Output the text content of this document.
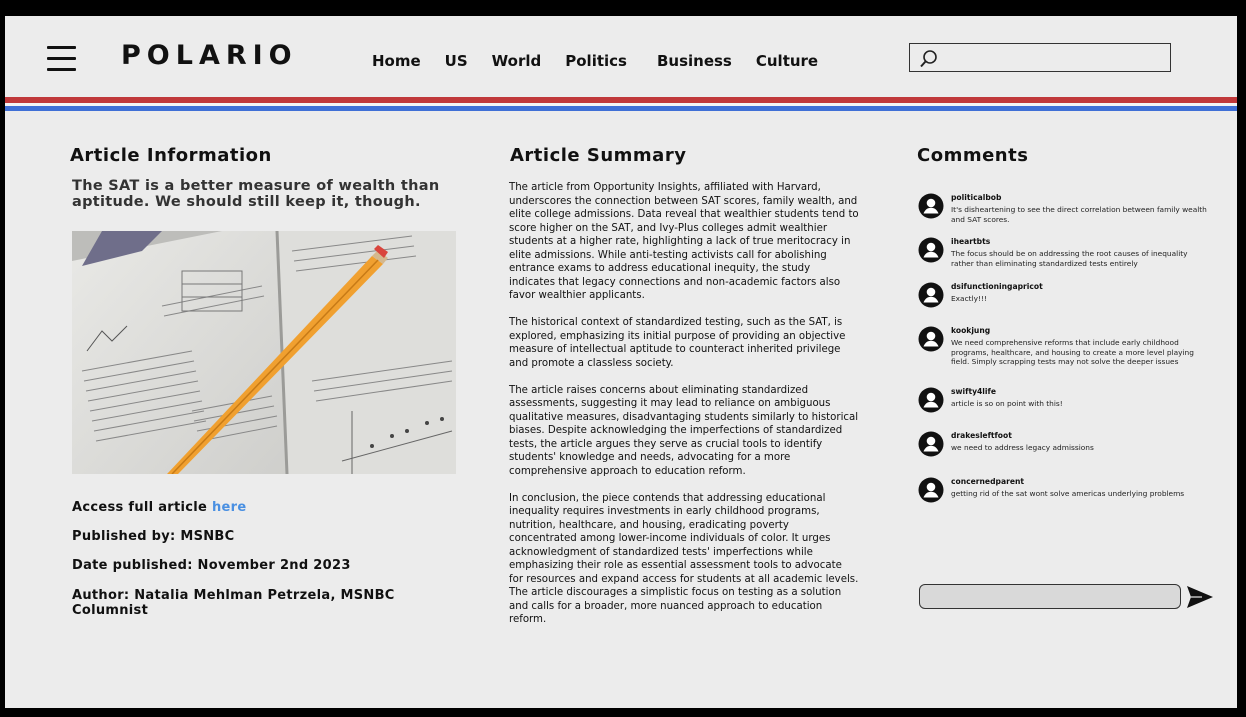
POLARIO	Home US World Politics Business Culture
Article Information
The SAT is a better measure of wealth than aptitude. We should still keep it, though.
Access full article here
Published by: MSNBC
Date published: November 2nd 2023
Author: Natalia Mehlman Petrzela, MSNBC Columnist
Article Summary

The article from Opportunity Insights, affiliated with Harvard, underscores the connection between SAT scores, family wealth, and elite college admissions. Data reveal that wealthier students tend to score higher on the SAT, and Ivy-Plus colleges admit wealthier students at a higher rate, highlighting a lack of true meritocracy in elite admissions. While anti-testing activists call for abolishing entrance exams to address educational inequity, the study indicates that legacy connections and non-academic factors also favor wealthier applicants.

The historical context of standardized testing, such as the SAT, is explored, emphasizing its initial purpose of providing an objective measure of intellectual aptitude to counteract inherited privilege and promote a classless society.

The article raises concerns about eliminating standardized assessments, suggesting it may lead to reliance on ambiguous qualitative measures, disadvantaging students similarly to historical biases. Despite acknowledging the imperfections of standardized tests, the article argues they serve as crucial tools to identify students' knowledge and needs, advocating for a more comprehensive approach to education reform.

In conclusion, the piece contends that addressing educational inequality requires investments in early childhood programs, nutrition, healthcare, and housing, eradicating poverty concentrated among lower-income individuals of color. It urges acknowledgment of standardized tests' imperfections while emphasizing their role as essential assessment tools to advocate for resources and expand access for students at all academic levels. The article discourages a simplistic focus on testing as a solution and calls for a broader, more nuanced approach to education reform.

Comments
politicalbob
It's disheartening to see the direct correlation between family wealth and SAT scores.
iheartbts
The focus should be on addressing the root causes of inequality rather than eliminating standardized tests entirely
dsifunctioningapricot
Exactly!!!
kookjung
We need comprehensive reforms that include early childhood programs, healthcare, and housing to create a more level playing field. Simply scrapping tests may not solve the deeper issues
swifty4life
article is so on point with this!
drakesleftfoot
we need to address legacy admissions
concernedparent
getting rid of the sat wont solve americas underlying problems
